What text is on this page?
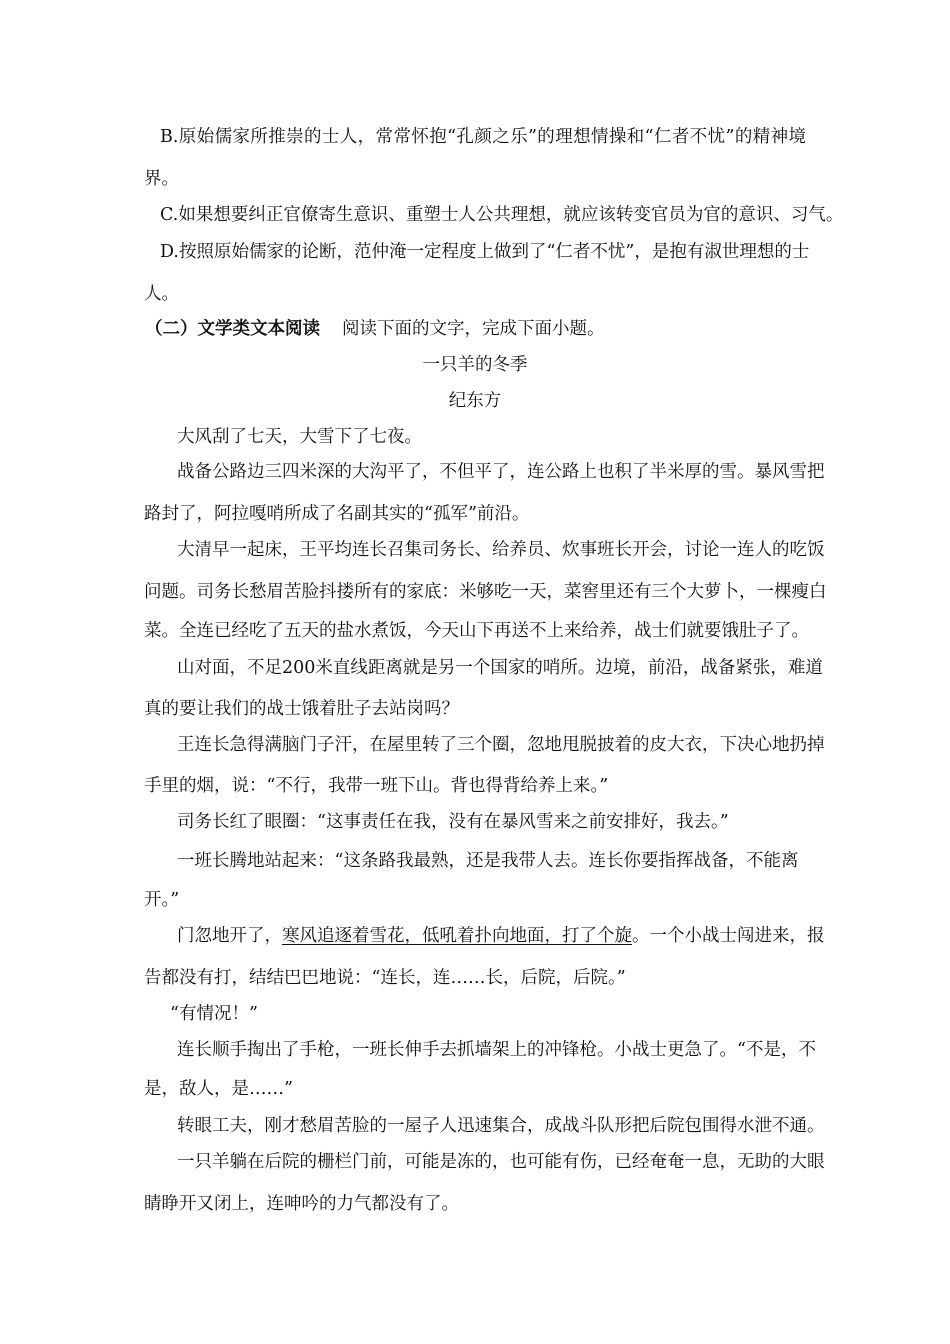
B.原始儒家所推崇的士人，常常怀抱“孔颜之乐”的理想情操和“仁者不忧”的精神境
界。
C.如果想要纠正官僚寄生意识、重塑士人公共理想，就应该转变官员为官的意识、习气。
D.按照原始儒家的论断，范仲淹一定程度上做到了“仁者不忧”，是抱有淑世理想的士
人。
（二）文学类文本阅读 阅读下面的文字，完成下面小题。
一只羊的冬季
纪东方
大风刮了七天，大雪下了七夜。
战备公路边三四米深的大沟平了，不但平了，连公路上也积了半米厚的雪。暴风雪把
路封了，阿拉嘎哨所成了名副其实的“孤军”前沿。
大清早一起床，王平均连长召集司务长、给养员、炊事班长开会，讨论一连人的吃饭
问题。司务长愁眉苦脸抖搂所有的家底：米够吃一天，菜窖里还有三个大萝卜，一棵瘦白
菜。全连已经吃了五天的盐水煮饭，今天山下再送不上来给养，战士们就要饿肚子了。
山对面，不足200米直线距离就是另一个国家的哨所。边境，前沿，战备紧张，难道
真的要让我们的战士饿着肚子去站岗吗？
王连长急得满脑门子汗，在屋里转了三个圈，忽地甩脱披着的皮大衣，下决心地扔掉
手里的烟，说：“不行，我带一班下山。背也得背给养上来。”
司务长红了眼圈：“这事责任在我，没有在暴风雪来之前安排好，我去。”
一班长腾地站起来：“这条路我最熟，还是我带人去。连长你要指挥战备，不能离
开。”
门忽地开了，寒风追逐着雪花，低吼着扑向地面，打了个旋。一个小战士闯进来，报
告都没有打，结结巴巴地说：“连长，连……长，后院，后院。”
“有情况！”
连长顺手掏出了手枪，一班长伸手去抓墙架上的冲锋枪。小战士更急了。“不是，不
是，敌人，是……”
转眼工夫，刚才愁眉苦脸的一屋子人迅速集合，成战斗队形把后院包围得水泄不通。
一只羊躺在后院的栅栏门前，可能是冻的，也可能有伤，已经奄奄一息，无助的大眼
睛睁开又闭上，连呻吟的力气都没有了。
